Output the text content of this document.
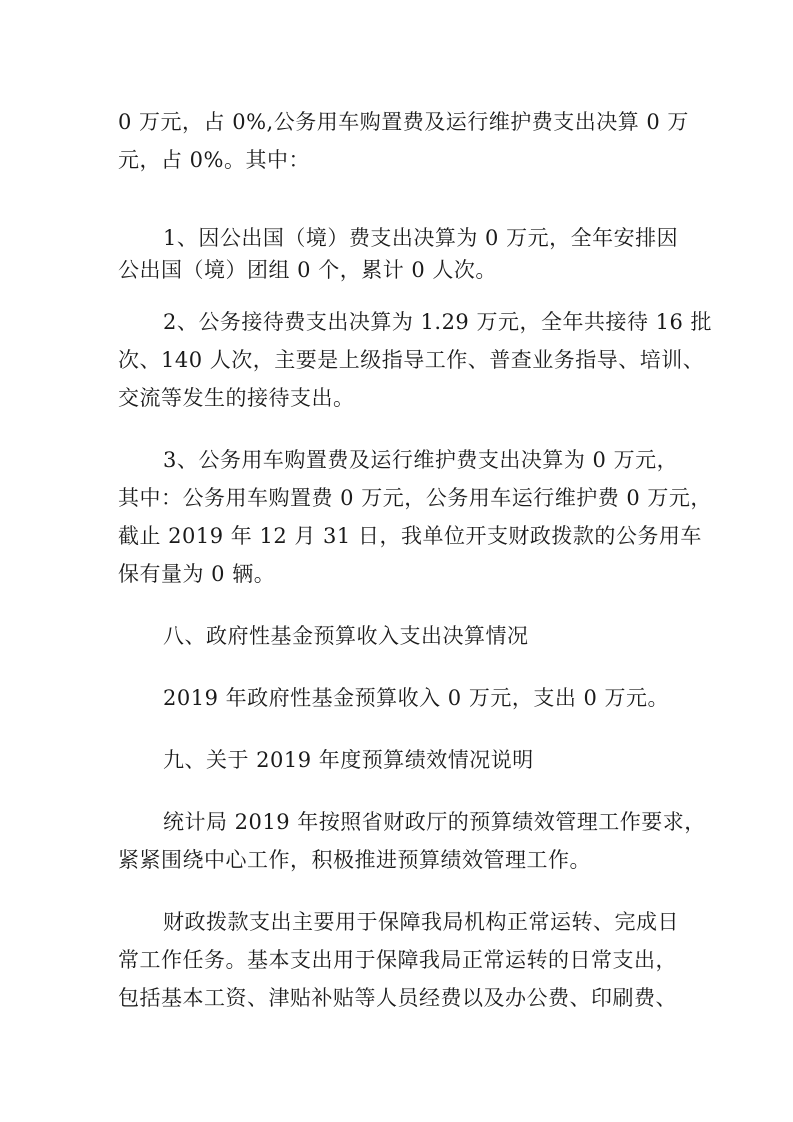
0 万元，占 0%,公务用车购置费及运行维护费支出决算 0 万
元，占 0%。其中：
1、因公出国（境）费支出决算为 0 万元，全年安排因
公出国（境）团组 0 个，累计 0 人次。
2、公务接待费支出决算为 1.29 万元，全年共接待 16 批
次、140 人次，主要是上级指导工作、普查业务指导、培训、
交流等发生的接待支出。
3、公务用车购置费及运行维护费支出决算为 0 万元，
其中：公务用车购置费 0 万元，公务用车运行维护费 0 万元，
截止 2019 年 12 月 31 日，我单位开支财政拨款的公务用车
保有量为 0 辆。
八、政府性基金预算收入支出决算情况
2019 年政府性基金预算收入 0 万元，支出 0 万元。
九、关于 2019 年度预算绩效情况说明
统计局 2019 年按照省财政厅的预算绩效管理工作要求，
紧紧围绕中心工作，积极推进预算绩效管理工作。
财政拨款支出主要用于保障我局机构正常运转、完成日
常工作任务。基本支出用于保障我局正常运转的日常支出，
包括基本工资、津贴补贴等人员经费以及办公费、印刷费、
